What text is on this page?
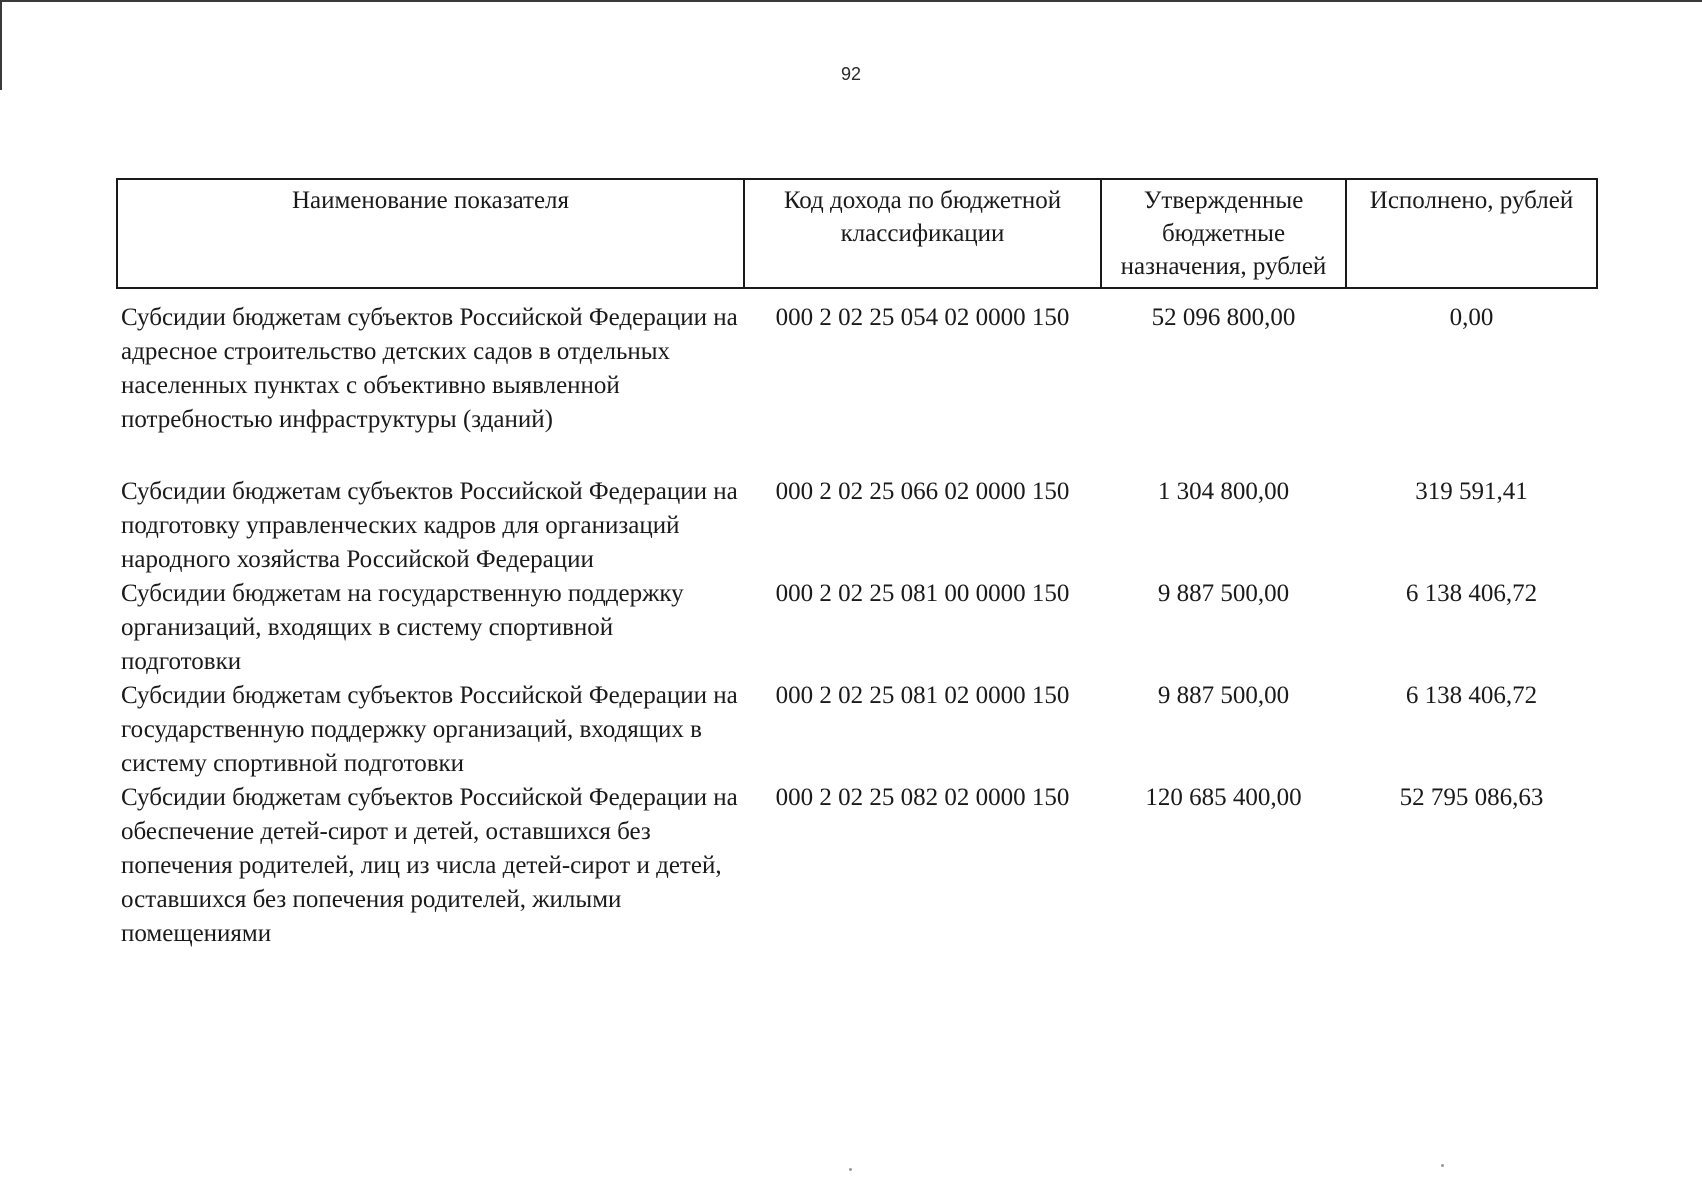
92
Наименование показателя	Код дохода по бюджетной классификации	Утвержденные бюджетные назначения, рублей	Исполнено, рублей
Субсидии бюджетам субъектов Российской Федерации на адресное строительство детских садов в отдельных населенных пунктах с объективно выявленной потребностью инфраструктуры (зданий)	000 2 02 25 054 02 0000 150	52 096 800,00	0,00
Субсидии бюджетам субъектов Российской Федерации на подготовку управленческих кадров для организаций народного хозяйства Российской Федерации	000 2 02 25 066 02 0000 150	1 304 800,00	319 591,41
Субсидии бюджетам на государственную поддержку организаций, входящих в систему спортивной подготовки	000 2 02 25 081 00 0000 150	9 887 500,00	6 138 406,72
Субсидии бюджетам субъектов Российской Федерации на государственную поддержку организаций, входящих в систему спортивной подготовки	000 2 02 25 081 02 0000 150	9 887 500,00	6 138 406,72
Субсидии бюджетам субъектов Российской Федерации на обеспечение детей-сирот и детей, оставшихся без попечения родителей, лиц из числа детей-сирот и детей, оставшихся без попечения родителей, жилыми помещениями	000 2 02 25 082 02 0000 150	120 685 400,00	52 795 086,63
